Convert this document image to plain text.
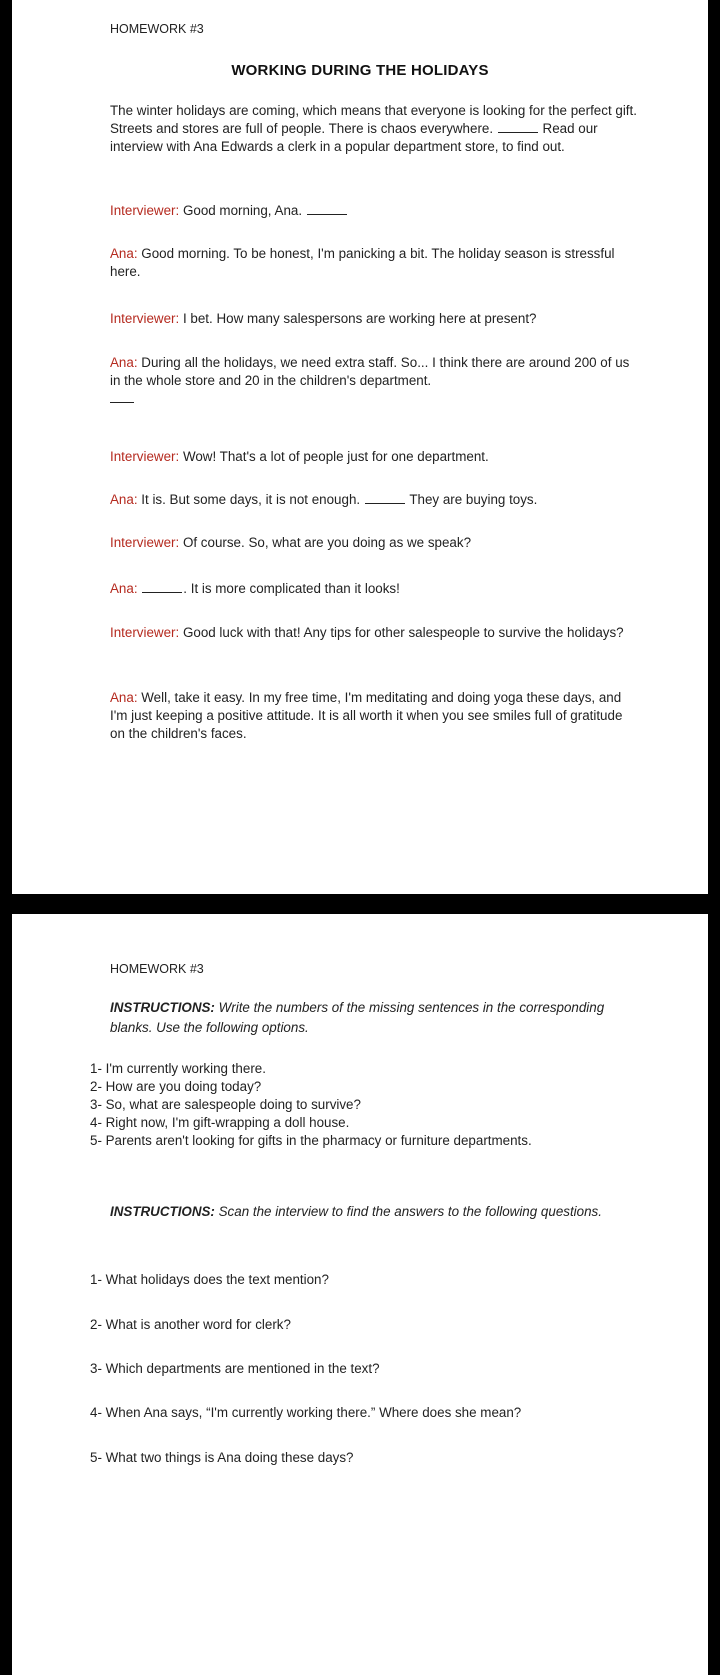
HOMEWORK #3
WORKING DURING THE HOLIDAYS
The winter holidays are coming, which means that everyone is looking for the perfect gift. Streets and stores are full of people. There is chaos everywhere.	Read our interview with Ana Edwards a clerk in a popular department store, to find out.
Interviewer: Good morning, Ana.
Ana: Good morning. To be honest, I'm panicking a bit. The holiday season is stressful here.
Interviewer: I bet. How many salespersons are working here at present?
Ana: During all the holidays, we need extra staff. So... I think there are around 200 of us in the whole store and 20 in the children's department.

Interviewer: Wow! That's a lot of people just for one department.
Ana: It is. But some days, it is not enough.	They are buying toys.
Interviewer: Of course. So, what are you doing as we speak?
Ana:	. It is more complicated than it looks!
Interviewer: Good luck with that! Any tips for other salespeople to survive the holidays?
Ana: Well, take it easy. In my free time, I'm meditating and doing yoga these days, and I'm just keeping a positive attitude. It is all worth it when you see smiles full of gratitude on the children's faces.
HOMEWORK #3
INSTRUCTIONS: Write the numbers of the missing sentences in the corresponding blanks. Use the following options.
1- I'm currently working there.
2- How are you doing today?
3- So, what are salespeople doing to survive?
4- Right now, I'm gift-wrapping a doll house.
5- Parents aren't looking for gifts in the pharmacy or furniture departments.
INSTRUCTIONS: Scan the interview to find the answers to the following questions.
1- What holidays does the text mention?
2- What is another word for clerk?
3- Which departments are mentioned in the text?
4- When Ana says, “I'm currently working there.” Where does she mean?
5- What two things is Ana doing these days?
